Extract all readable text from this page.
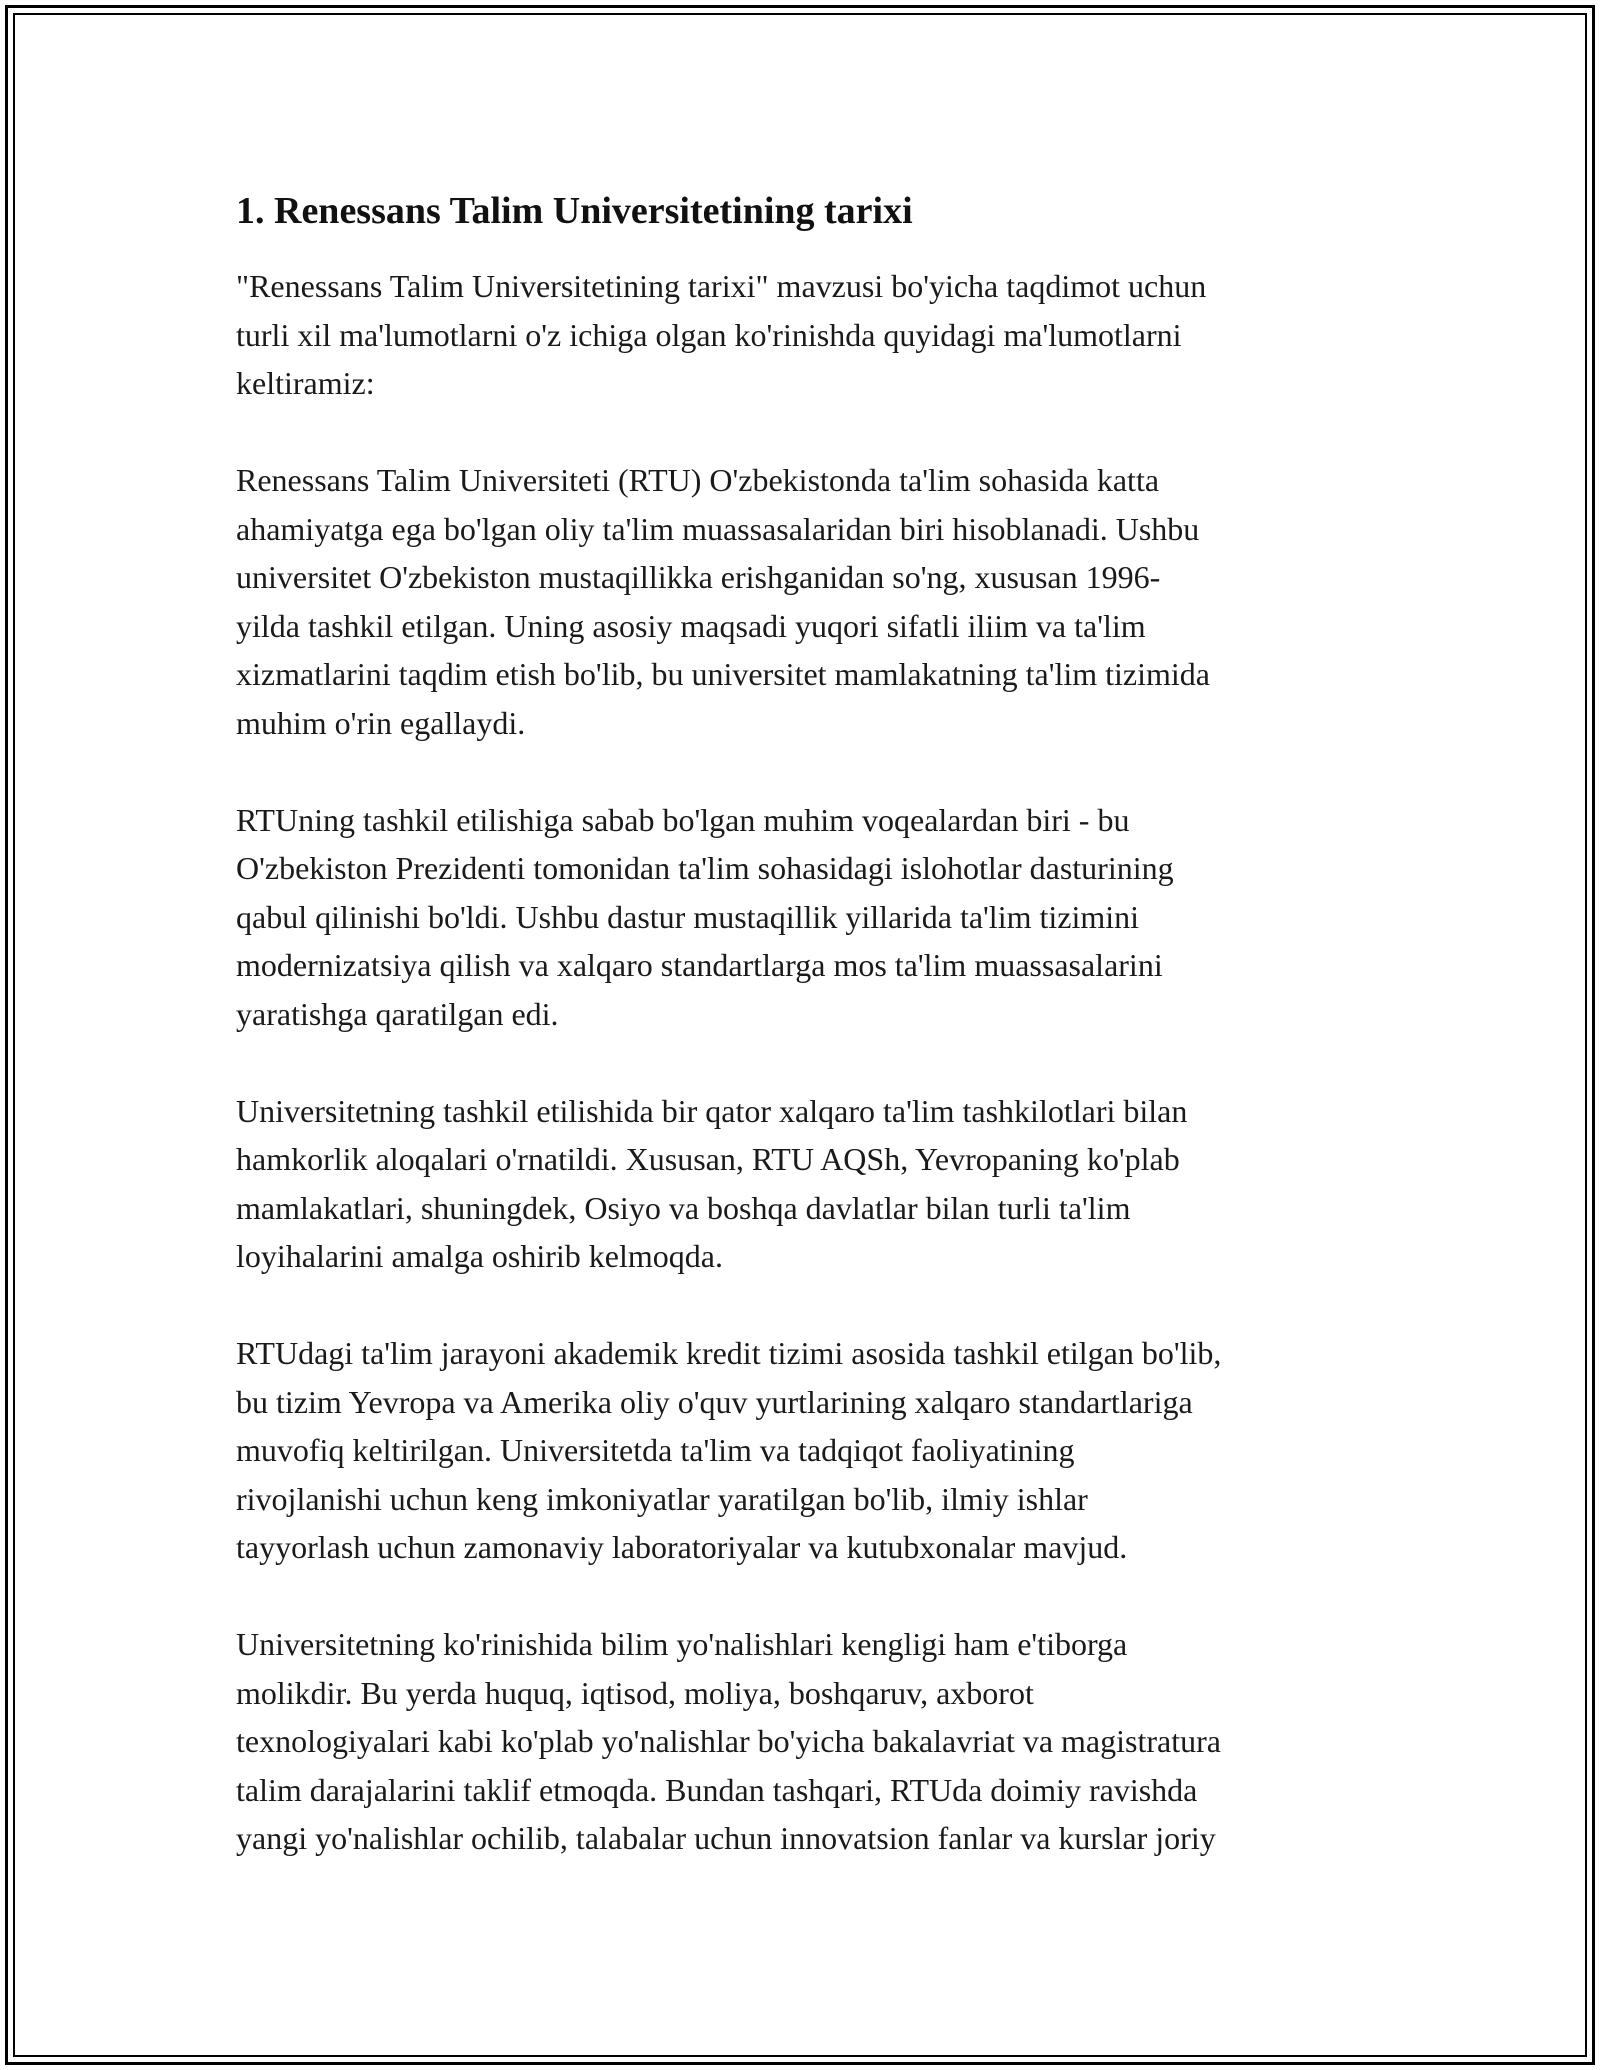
1. Renessans Talim Universitetining tarixi

"Renessans Talim Universitetining tarixi" mavzusi bo'yicha taqdimot uchun
turli xil ma'lumotlarni o'z ichiga olgan ko'rinishda quyidagi ma'lumotlarni
keltiramiz:

Renessans Talim Universiteti (RTU) O'zbekistonda ta'lim sohasida katta
ahamiyatga ega bo'lgan oliy ta'lim muassasalaridan biri hisoblanadi. Ushbu
universitet O'zbekiston mustaqillikka erishganidan so'ng, xususan 1996-
yilda tashkil etilgan. Uning asosiy maqsadi yuqori sifatli iliim va ta'lim
xizmatlarini taqdim etish bo'lib, bu universitet mamlakatning ta'lim tizimida
muhim o'rin egallaydi.

RTUning tashkil etilishiga sabab bo'lgan muhim voqealardan biri - bu
O'zbekiston Prezidenti tomonidan ta'lim sohasidagi islohotlar dasturining
qabul qilinishi bo'ldi. Ushbu dastur mustaqillik yillarida ta'lim tizimini
modernizatsiya qilish va xalqaro standartlarga mos ta'lim muassasalarini
yaratishga qaratilgan edi.

Universitetning tashkil etilishida bir qator xalqaro ta'lim tashkilotlari bilan
hamkorlik aloqalari o'rnatildi. Xususan, RTU AQSh, Yevropaning ko'plab
mamlakatlari, shuningdek, Osiyo va boshqa davlatlar bilan turli ta'lim
loyihalarini amalga oshirib kelmoqda.

RTUdagi ta'lim jarayoni akademik kredit tizimi asosida tashkil etilgan bo'lib,
bu tizim Yevropa va Amerika oliy o'quv yurtlarining xalqaro standartlariga
muvofiq keltirilgan. Universitetda ta'lim va tadqiqot faoliyatining
rivojlanishi uchun keng imkoniyatlar yaratilgan bo'lib, ilmiy ishlar
tayyorlash uchun zamonaviy laboratoriyalar va kutubxonalar mavjud.

Universitetning ko'rinishida bilim yo'nalishlari kengligi ham e'tiborga
molikdir. Bu yerda huquq, iqtisod, moliya, boshqaruv, axborot
texnologiyalari kabi ko'plab yo'nalishlar bo'yicha bakalavriat va magistratura
talim darajalarini taklif etmoqda. Bundan tashqari, RTUda doimiy ravishda
yangi yo'nalishlar ochilib, talabalar uchun innovatsion fanlar va kurslar joriy
